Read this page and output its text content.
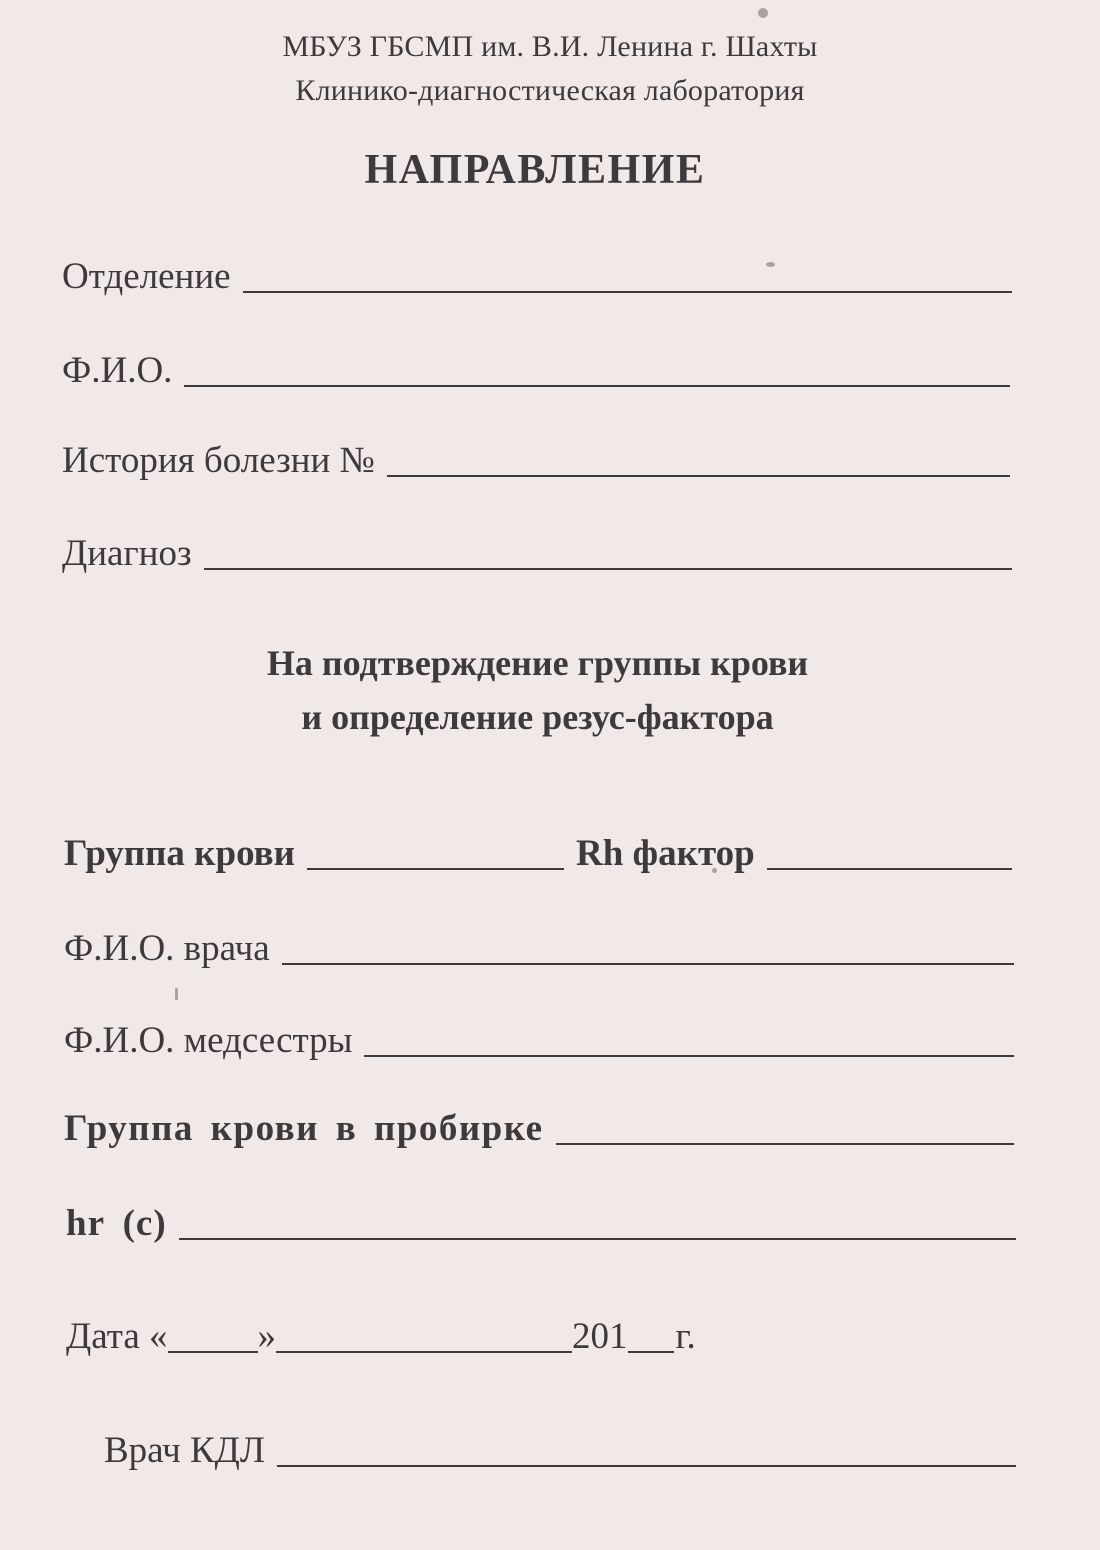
МБУЗ ГБСМП им. В.И. Ленина г. Шахты
Клинико-диагностическая лаборатория
НАПРАВЛЕНИЕ
Отделение
Ф.И.О.
История болезни №
Диагноз
На подтверждение группы крови
и определение резус-фактора
Группа крови	Rh фактор
Ф.И.О. врача
Ф.И.О. медсестры
Группа крови в пробирке
hr (c)
Дата « »	201 г.
Врач КДЛ
